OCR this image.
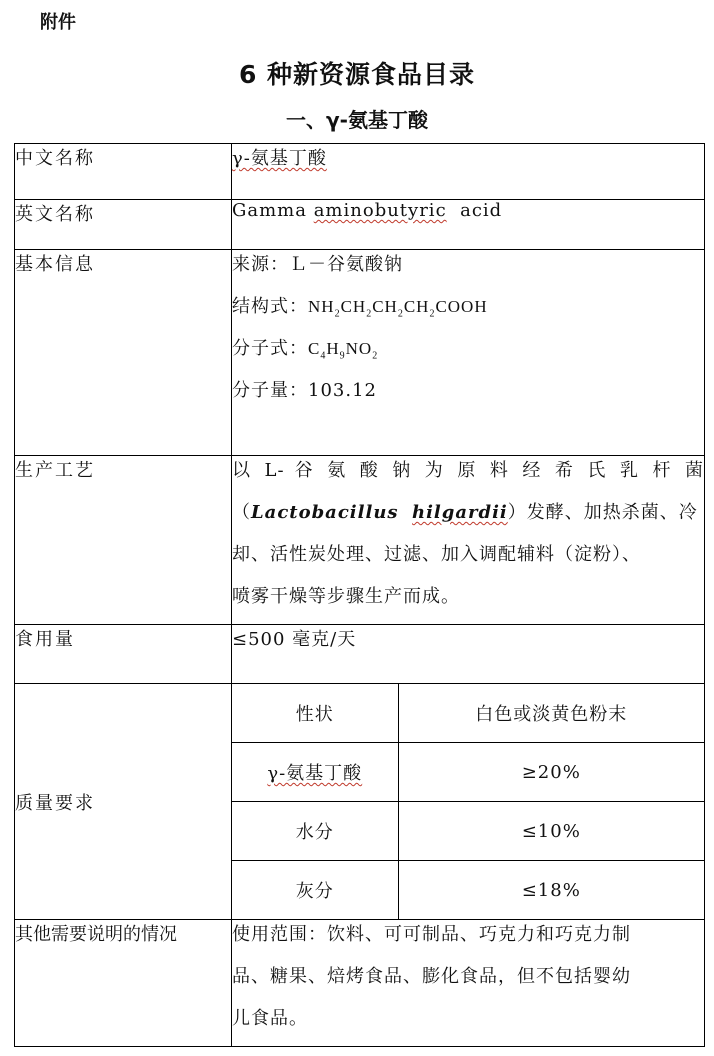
附件
6 种新资源食品目录
一、γ-氨基丁酸
中文名称	γ-氨基丁酸
英文名称	Gamma aminobutyric  acid
基本信息	来源：Ｌ－谷氨酸钠
结构式：$NH_2CH_2CH_2CH_2COOH$
分子式：$C_4H_9NO_2$
分子量：103.12

生产工艺	以 L- 谷 氨 酸 钠 为 原 料 经 希 氏 乳 杆 菌
（Lactobacillus hilgardii）发酵、加热杀菌、冷
却、活性炭处理、过滤、加入调配辅料（淀粉）、
喷雾干燥等步骤生产而成。

食用量	≤500 毫克/天
质量要求	
性状	白色或淡黄色粉末
γ-氨基丁酸	≥20%
水分	≤10%
灰分	≤18%

其他需要说明的情况	使用范围：饮料、可可制品、巧克力和巧克力制
品、糖果、焙烤食品、膨化食品，但不包括婴幼
儿食品。
